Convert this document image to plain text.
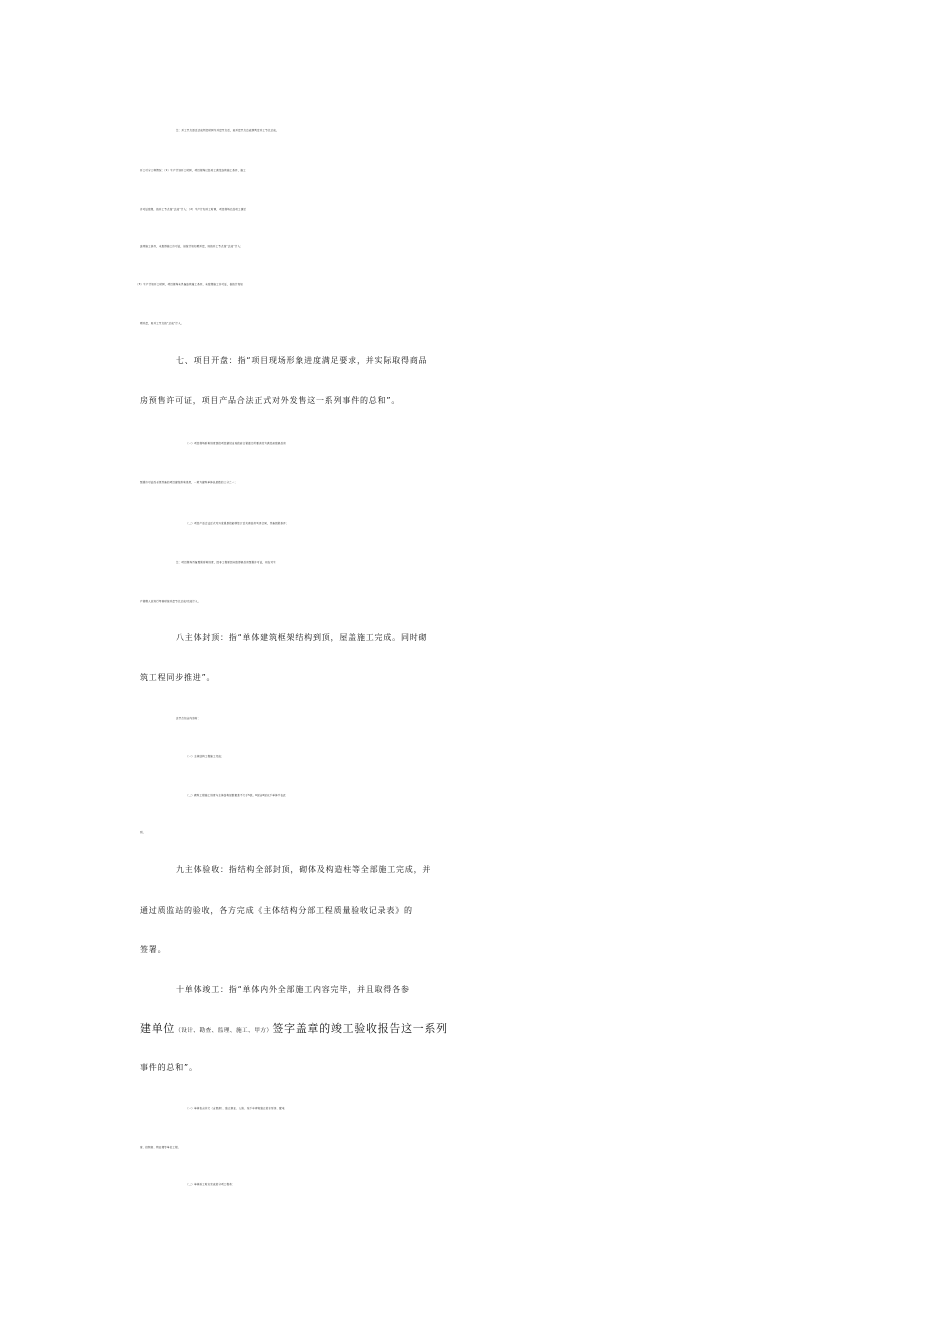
注：开工节点是否达成判定时间为开盘节点后，若开盘节点达成即判定开工节点达成。
开工可分三种情况：（1）生产计划开工时间，项目现场已经动工满足连续施工条件，施工
许可证取得，按开工节点按“达成”计入；（2）生产计划开工时间，项目现场已经动工满足
连续施工条件，未取得施工许可证，但按计划如期开盘，则按开工节点按“达成”计入；
（3）生产计划开工时间，项目现场未具备连续施工条件，未取得施工许可证，但按计划如
期开盘，则开工节点按“达成”计入。
七、项目开盘：指“项目现场形象进度满足要求，并实际取得商品
房预售许可证，项目产品合法正式对外发售这一系列事件的总和”。
（一）项目现场形象进度是指项目建设当地政府主管部门所要求的为满足获取商品房
预售许可证而必须具备的项目建设形象进度，一般为建筑单体总层数的三分之一；
（二）项目产品合法正式对外发售是指能够签订正式商品房买卖合同，具备回款条件；
注：项目现场具备预售形象进度，因非工程原因未取得商品房预售许可证，则在对生
产管理人员进行考核时按开盘节点达成/完成计入。
八主体封顶：指“单体建筑框架结构到顶，屋盖施工完成。同时砌
筑工程同步推进”。
该节点包含内容有：
（一）主体结构工程施工完成；
（二）砌筑工程施工进度与主体结构层数相差不大于5层。6层含6层以下单体不在此
列。
九主体验收：指结构全部封顶，砌体及构造柱等全部施工完成，并
通过质监站的验收，各方完成《主体结构分部工程质量验收记录表》的
签署。
十单体竣工：指“单体内外全部施工内容完毕，并且取得各参
建单位（设计、勘查、监理、施工、甲方）签字盖章的竣工验收报告这一系列
事件的总和”。
（一）单体包含住宅（含底商）、独立商业、人防、地下车库和独立的水泵房、配电
室、控制室、物业楼等单位工程。
（二）单体竣工时应完成的分项工程有：
